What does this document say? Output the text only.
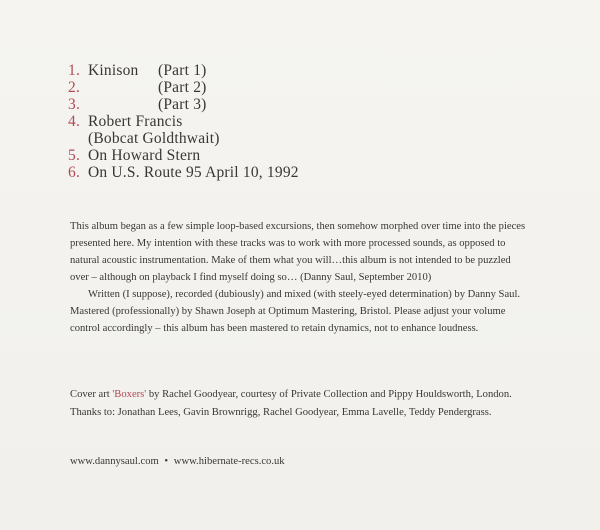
1. Kinison (Part 1)
2.	(Part 2)
3.	(Part 3)
4. Robert Francis
(Bobcat Goldthwait)
5. On Howard Stern
6. On U.S. Route 95 April 10, 1992

This album began as a few simple loop-based excursions, then somehow morphed over time into the pieces presented here. My intention with these tracks was to work with more processed sounds, as opposed to natural acoustic instrumentation. Make of them what you will…this album is not intended to be puzzled over – although on playback I find myself doing so… (Danny Saul, September 2010)

Written (I suppose), recorded (dubiously) and mixed (with steely-eyed determination) by Danny Saul. Mastered (professionally) by Shawn Joseph at Optimum Mastering, Bristol. Please adjust your volume control accordingly – this album has been mastered to retain dynamics, not to enhance loudness.

Cover art 'Boxers' by Rachel Goodyear, courtesy of Private Collection and Pippy Houldsworth, London. Thanks to: Jonathan Lees, Gavin Brownrigg, Rachel Goodyear, Emma Lavelle, Teddy Pendergrass.
www.dannysaul.com • www.hibernate-recs.co.uk
